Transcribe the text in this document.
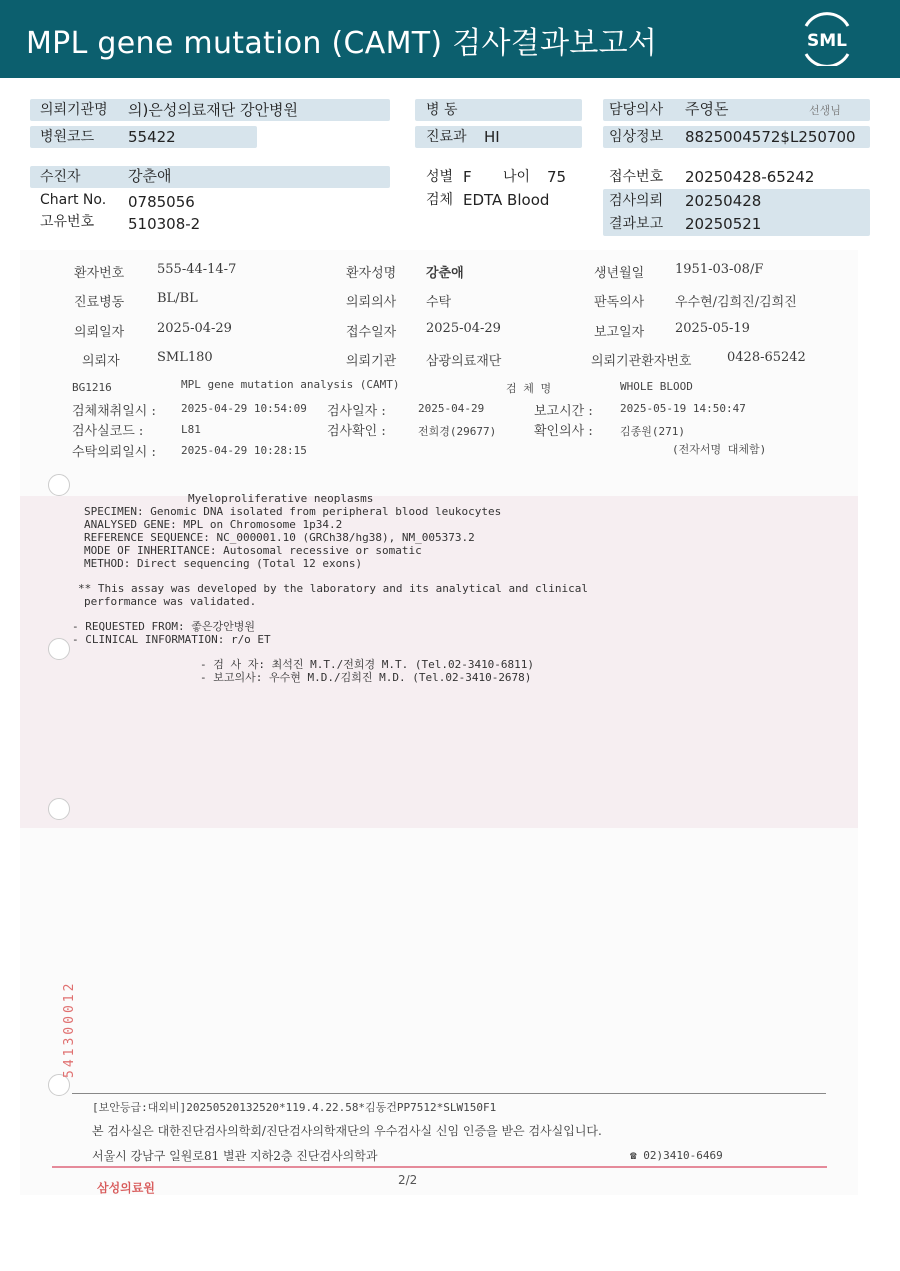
MPL gene mutation (CAMT) 검사결과보고서	SML
의뢰기관명 의)은성의료재단 강안병원
병원코드 55422
병 동
진료과 HI
담당의사 주영돈	선생님
임상정보 8825004572$L250700
수진자	강춘애
Chart No. 0785056
고유번호 510308-2
성별 F 나이 75
검체 EDTA Blood
접수번호 20250428-65242
검사의뢰 20250428
결과보고 20250521
환자번호	555-44-14-7	환자성명 강춘애	생년월일 1951-03-08/F
진료병동	BL/BL	의뢰의사 수탁	판독의사 우수현/김희진/김희진
의뢰일자	2025-04-29	접수일자 2025-04-29	보고일자 2025-05-19
의뢰자	SML180	의뢰기관 삼광의료재단	의뢰기관환자번호	0428-65242
BG1216	MPL gene mutation analysis (CAMT)	검 체 명	WHOLE BLOOD
검체채취일시 : 2025-04-29 10:54:09 검사일자 :	2025-04-29	보고시간 : 2025-05-19 14:50:47
검사실코드 :	L81	검사확인 :	전희경(29677)	확인의사 : 김종원(271)
수탁의뢰일시 : 2025-04-29 10:28:15	(전자서명 대체함)
Myeloproliferative neoplasms
SPECIMEN: Genomic DNA isolated from peripheral blood leukocytes
ANALYSED GENE: MPL on Chromosome 1p34.2
REFERENCE SEQUENCE: NC_000001.10 (GRCh38/hg38), NM_005373.2
MODE OF INHERITANCE: Autosomal recessive or somatic
METHOD: Direct sequencing (Total 12 exons)
** This assay was developed by the laboratory and its analytical and clinical
performance was validated.
- REQUESTED FROM: 좋은강안병원
- CLINICAL INFORMATION: r/o ET
- 검 사 자: 최석진 M.T./전희경 M.T. (Tel.02-3410-6811)
- 보고의사: 우수현 M.D./김희진 M.D. (Tel.02-3410-2678)
541300012
[보안등급:대외비]20250520132520*119.4.22.58*김동건PP7512*SLW150F1
본 검사실은 대한진단검사의학회/진단검사의학재단의 우수검사실 신임 인증을 받은 검사실입니다.
서울시 강남구 일원로81 별관 지하2층 진단검사의학과	☎ 02)3410-6469
삼성의료원
2/2
